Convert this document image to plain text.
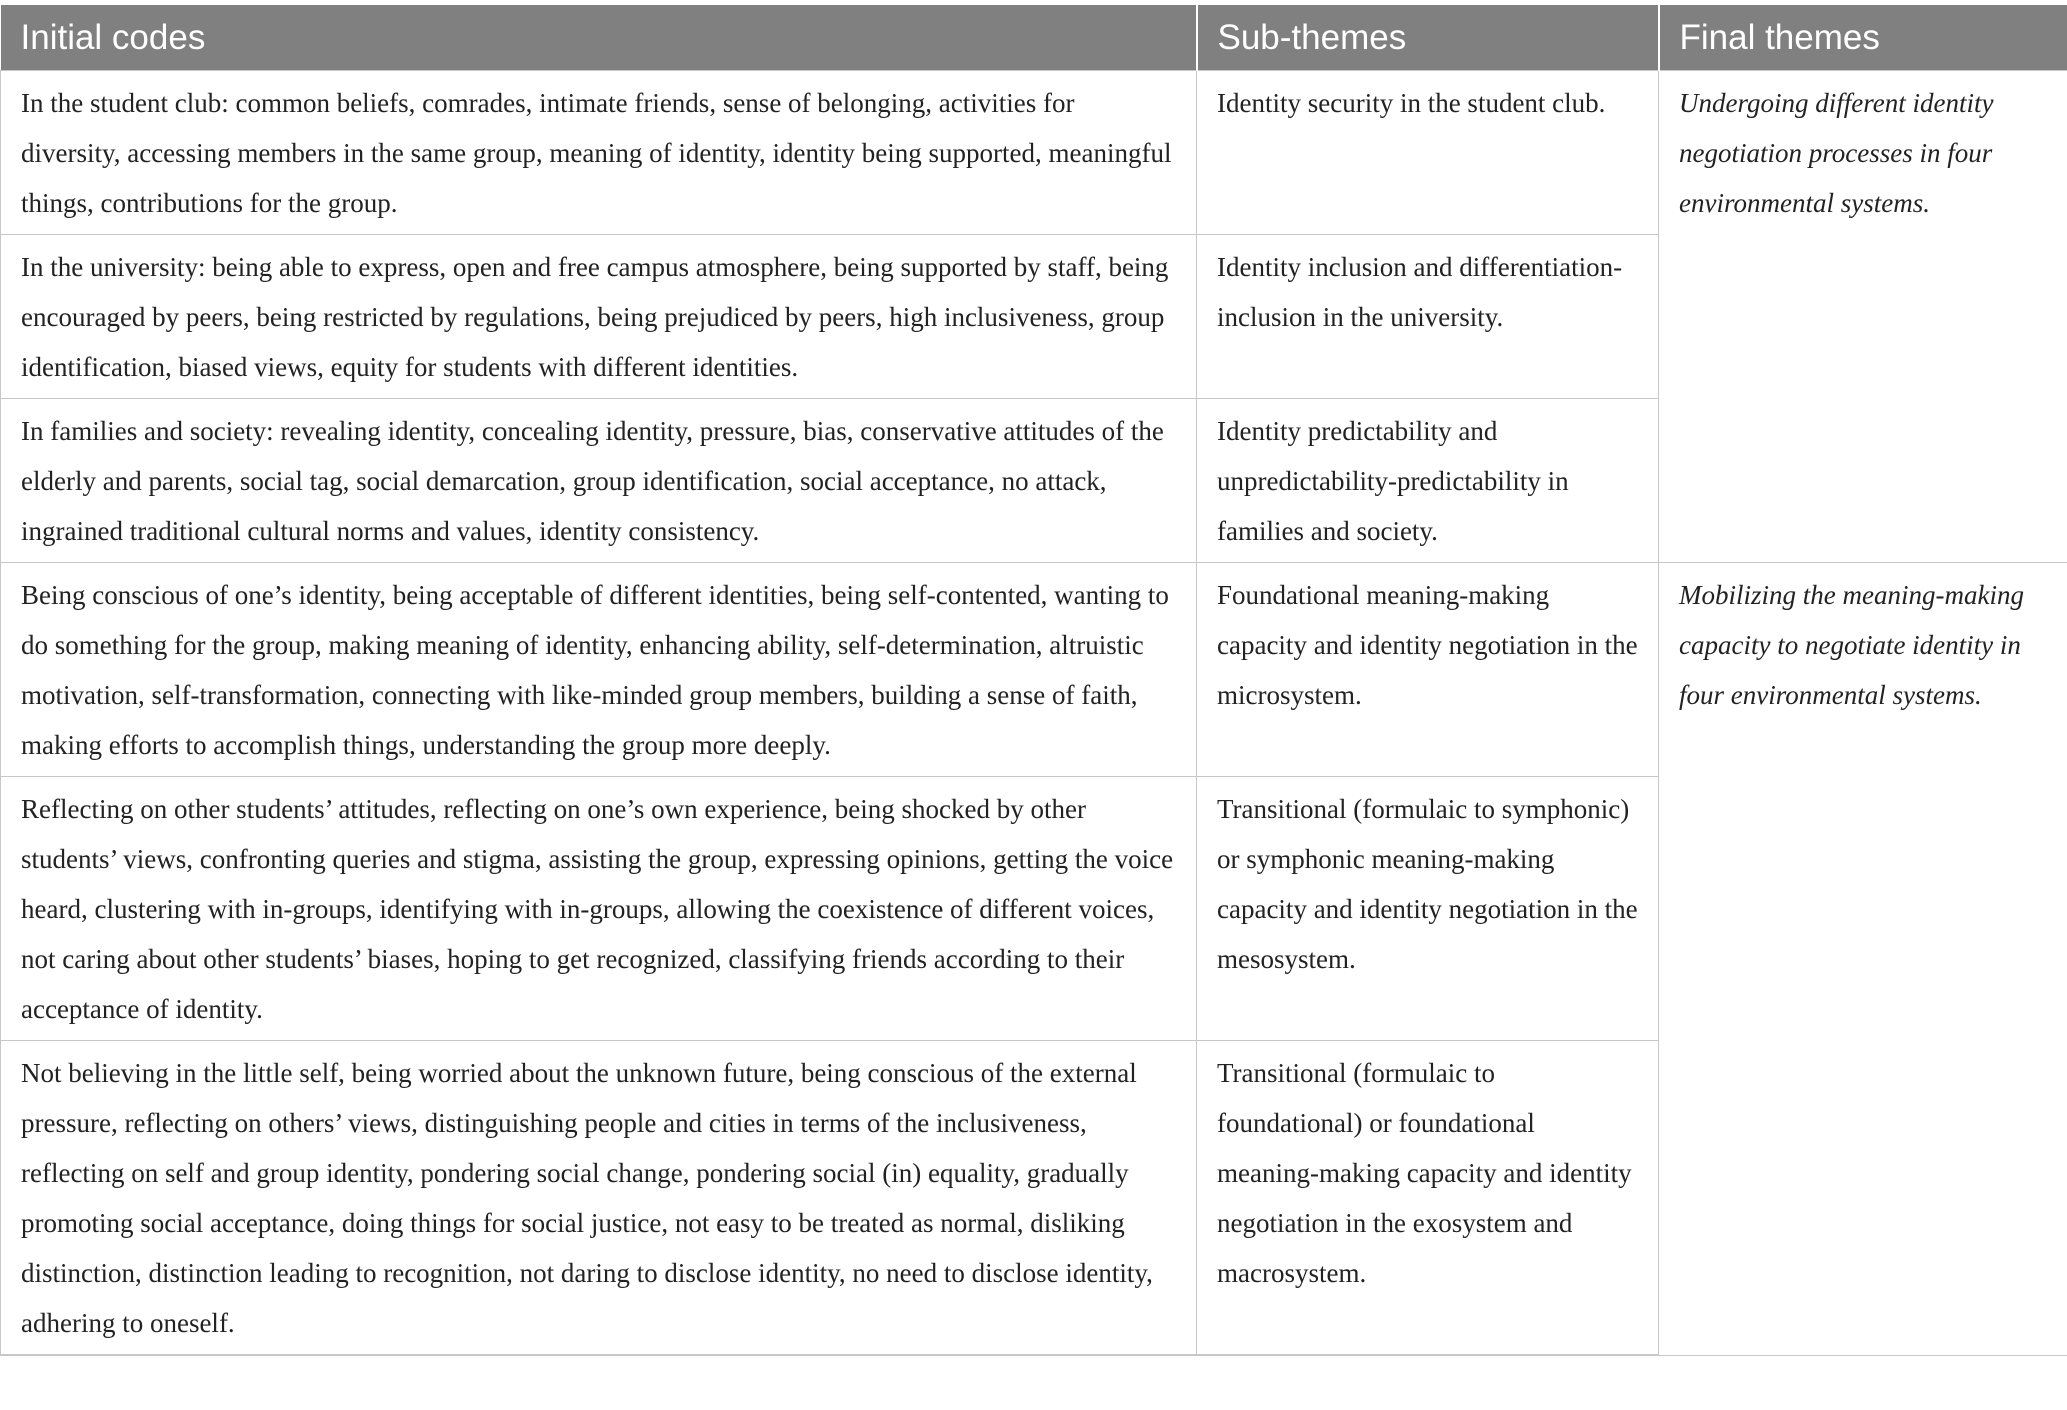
Initial codes	Sub-themes	Final themes
In the student club: common beliefs, comrades, intimate friends, sense of belonging, activities for diversity, accessing members in the same group, meaning of identity, identity being supported, meaningful things, contributions for the group.	Identity security in the student club.	Undergoing different identity negotiation processes in four environmental systems.
In the university: being able to express, open and free campus atmosphere, being supported by staff, being encouraged by peers, being restricted by regulations, being prejudiced by peers, high inclusiveness, group identification, biased views, equity for students with different identities.	Identity inclusion and differentiation-inclusion in the university.	
In families and society: revealing identity, concealing identity, pressure, bias, conservative attitudes of the elderly and parents, social tag, social demarcation, group identification, social acceptance, no attack, ingrained traditional cultural norms and values, identity consistency.	Identity predictability and unpredictability-predictability in families and society.	
Being conscious of one’s identity, being acceptable of different identities, being self-contented, wanting to do something for the group, making meaning of identity, enhancing ability, self-determination, altruistic motivation, self-transformation, connecting with like-minded group members, building a sense of faith, making efforts to accomplish things, understanding the group more deeply.	Foundational meaning-making capacity and identity negotiation in the microsystem.	Mobilizing the meaning-making capacity to negotiate identity in four environmental systems.
Reflecting on other students’ attitudes, reflecting on one’s own experience, being shocked by other students’ views, confronting queries and stigma, assisting the group, expressing opinions, getting the voice heard, clustering with in-groups, identifying with in-groups, allowing the coexistence of different voices, not caring about other students’ biases, hoping to get recognized, classifying friends according to their acceptance of identity.	Transitional (formulaic to symphonic) or symphonic meaning-making capacity and identity negotiation in the mesosystem.	
Not believing in the little self, being worried about the unknown future, being conscious of the external pressure, reflecting on others’ views, distinguishing people and cities in terms of the inclusiveness, reflecting on self and group identity, pondering social change, pondering social (in) equality, gradually promoting social acceptance, doing things for social justice, not easy to be treated as normal, disliking distinction, distinction leading to recognition, not daring to disclose identity, no need to disclose identity, adhering to oneself.	Transitional (formulaic to foundational) or foundational meaning-making capacity and identity negotiation in the exosystem and macrosystem.	
